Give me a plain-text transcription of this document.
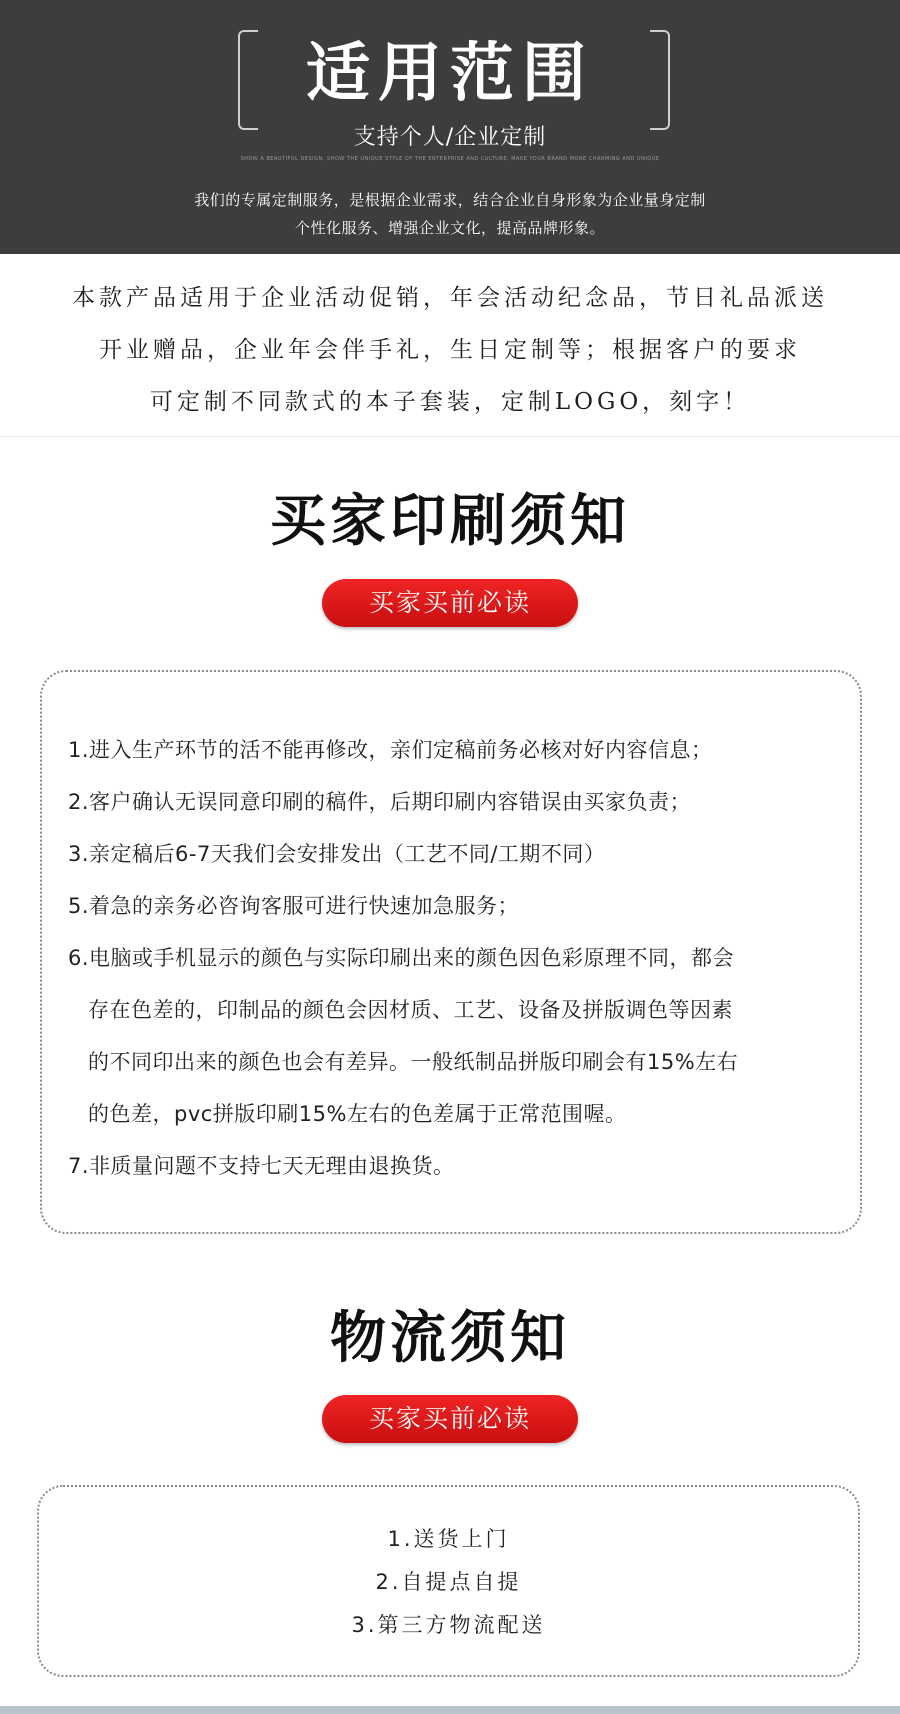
适用范围
支持个人/企业定制
SHOW A BEAUTIFUL DESIGN, SHOW THE UNIQUE STYLE OF THE ENTERPRISE AND CULTURE, MAKE YOUR BRAND MORE CHARMING AND UNIQUE
我们的专属定制服务，是根据企业需求，结合企业自身形象为企业量身定制
个性化服务、增强企业文化，提高品牌形象。
本款产品适用于企业活动促销，年会活动纪念品，节日礼品派送
开业赠品，企业年会伴手礼，生日定制等；根据客户的要求
可定制不同款式的本子套装，定制LOGO，刻字！
买家印刷须知
买家买前必读
1.进入生产环节的活不能再修改，亲们定稿前务必核对好内容信息；
2.客户确认无误同意印刷的稿件，后期印刷内容错误由买家负责；
3.亲定稿后6-7天我们会安排发出（工艺不同/工期不同）
5.着急的亲务必咨询客服可进行快速加急服务；
6.电脑或手机显示的颜色与实际印刷出来的颜色因色彩原理不同，都会
存在色差的，印制品的颜色会因材质、工艺、设备及拼版调色等因素
的不同印出来的颜色也会有差异。一般纸制品拼版印刷会有15%左右
的色差，pvc拼版印刷15%左右的色差属于正常范围喔。
7.非质量问题不支持七天无理由退换货。
物流须知
买家买前必读
1.送货上门
2.自提点自提
3.第三方物流配送
